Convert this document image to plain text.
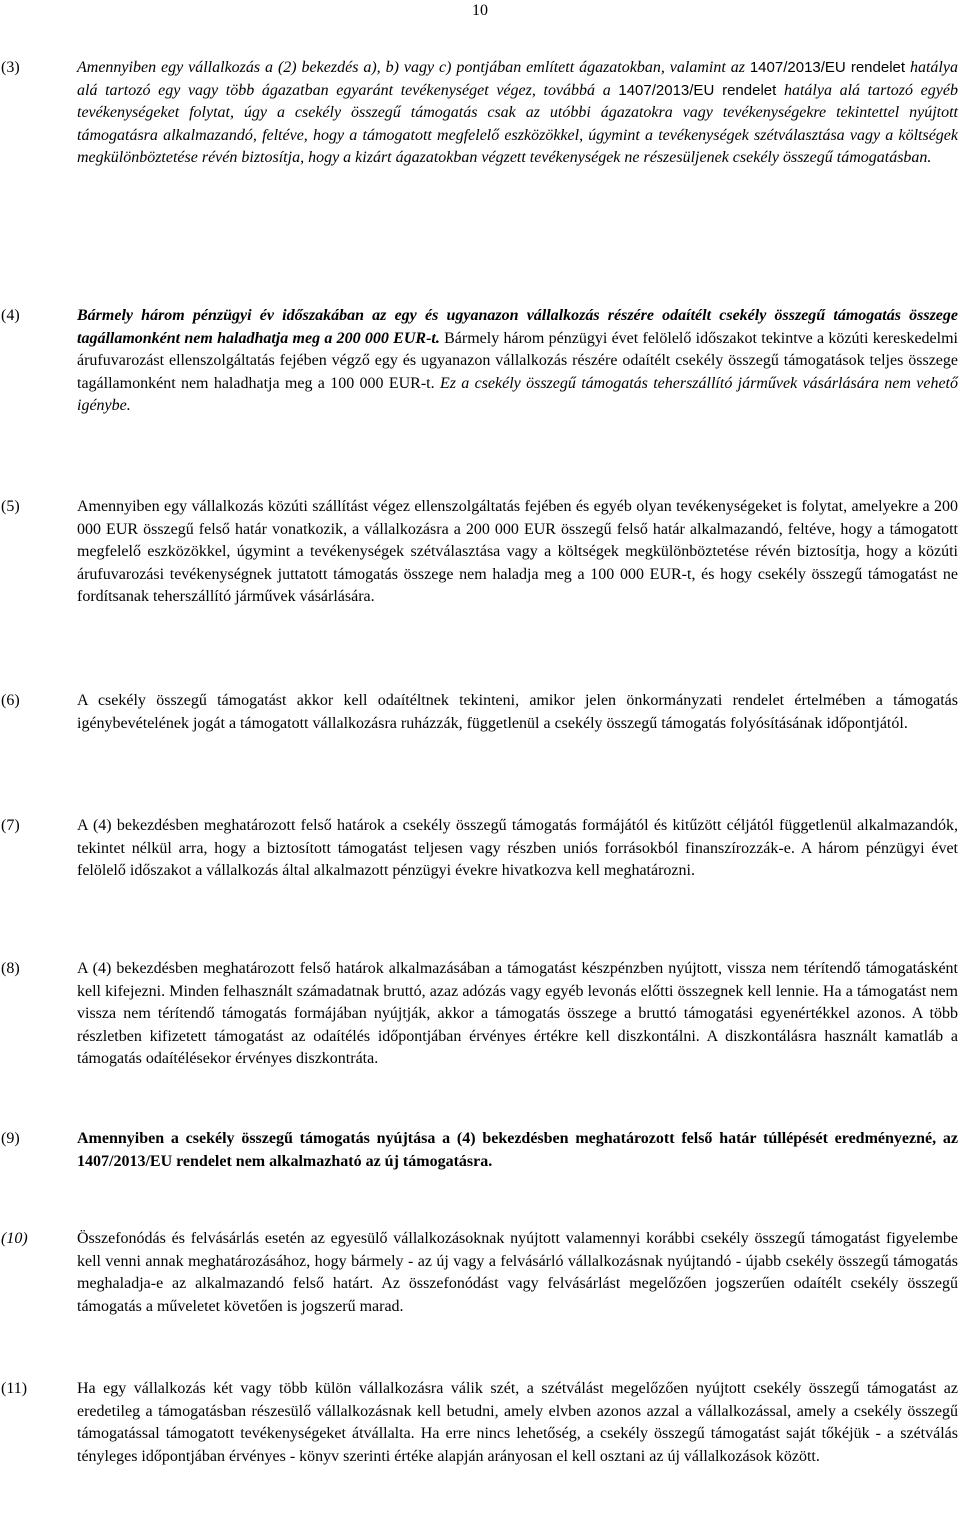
10
(3)	Amennyiben egy vállalkozás a (2) bekezdés a), b) vagy c) pontjában említett ágazatokban, valamint az 1407/2013/EU rendelet hatálya alá tartozó egy vagy több ágazatban egyaránt tevékenységet végez, továbbá a 1407/2013/EU rendelet hatálya alá tartozó egyéb tevékenységeket folytat, úgy a csekély összegű támogatás csak az utóbbi ágazatokra vagy tevékenységekre tekintettel nyújtott támogatásra alkalmazandó, feltéve, hogy a támogatott megfelelő eszközökkel, úgymint a tevékenységek szétválasztása vagy a költségek megkülönböztetése révén biztosítja, hogy a kizárt ágazatokban végzett tevékenységek ne részesüljenek csekély összegű támogatásban.
(4)	Bármely három pénzügyi év időszakában az egy és ugyanazon vállalkozás részére odaítélt csekély összegű támogatás összege tagállamonként nem haladhatja meg a 200 000 EUR-t. Bármely három pénzügyi évet felölelő időszakot tekintve a közúti kereskedelmi árufuvarozást ellenszolgáltatás fejében végző egy és ugyanazon vállalkozás részére odaítélt csekély összegű támogatások teljes összege tagállamonként nem haladhatja meg a 100 000 EUR-t. Ez a csekély összegű támogatás teherszállító járművek vásárlására nem vehető igénybe.
(5)	Amennyiben egy vállalkozás közúti szállítást végez ellenszolgáltatás fejében és egyéb olyan tevékenységeket is folytat, amelyekre a 200 000 EUR összegű felső határ vonatkozik, a vállalkozásra a 200 000 EUR összegű felső határ alkalmazandó, feltéve, hogy a támogatott megfelelő eszközökkel, úgymint a tevékenységek szétválasztása vagy a költségek megkülönböztetése révén biztosítja, hogy a közúti árufuvarozási tevékenységnek juttatott támogatás összege nem haladja meg a 100 000 EUR-t, és hogy csekély összegű támogatást ne fordítsanak teherszállító járművek vásárlására.
(6)	A csekély összegű támogatást akkor kell odaítéltnek tekinteni, amikor jelen önkormányzati rendelet értelmében a támogatás igénybevételének jogát a támogatott vállalkozásra ruházzák, függetlenül a csekély összegű támogatás folyósításának időpontjától.
(7)	A (4) bekezdésben meghatározott felső határok a csekély összegű támogatás formájától és kitűzött céljától függetlenül alkalmazandók, tekintet nélkül arra, hogy a biztosított támogatást teljesen vagy részben uniós forrásokból finanszírozzák-e. A három pénzügyi évet felölelő időszakot a vállalkozás által alkalmazott pénzügyi évekre hivatkozva kell meghatározni.
(8)	A (4) bekezdésben meghatározott felső határok alkalmazásában a támogatást készpénzben nyújtott, vissza nem térítendő támogatásként kell kifejezni. Minden felhasznált számadatnak bruttó, azaz adózás vagy egyéb levonás előtti összegnek kell lennie. Ha a támogatást nem vissza nem térítendő támogatás formájában nyújtják, akkor a támogatás összege a bruttó támogatási egyenértékkel azonos. A több részletben kifizetett támogatást az odaítélés időpontjában érvényes értékre kell diszkontálni. A diszkontálásra használt kamatláb a támogatás odaítélésekor érvényes diszkontráta.
(9)	Amennyiben a csekély összegű támogatás nyújtása a (4) bekezdésben meghatározott felső határ túllépését eredményezné, az 1407/2013/EU rendelet nem alkalmazható az új támogatásra.
(10)	Összefonódás és felvásárlás esetén az egyesülő vállalkozásoknak nyújtott valamennyi korábbi csekély összegű támogatást figyelembe kell venni annak meghatározásához, hogy bármely - az új vagy a felvásárló vállalkozásnak nyújtandó - újabb csekély összegű támogatás meghaladja-e az alkalmazandó felső határt. Az összefonódást vagy felvásárlást megelőzően jogszerűen odaítélt csekély összegű támogatás a műveletet követően is jogszerű marad.
(11)	Ha egy vállalkozás két vagy több külön vállalkozásra válik szét, a szétválást megelőzően nyújtott csekély összegű támogatást az eredetileg a támogatásban részesülő vállalkozásnak kell betudni, amely elvben azonos azzal a vállalkozással, amely a csekély összegű támogatással támogatott tevékenységeket átvállalta. Ha erre nincs lehetőség, a csekély összegű támogatást saját tőkéjük - a szétválás tényleges időpontjában érvényes - könyv szerinti értéke alapján arányosan el kell osztani az új vállalkozások között.
